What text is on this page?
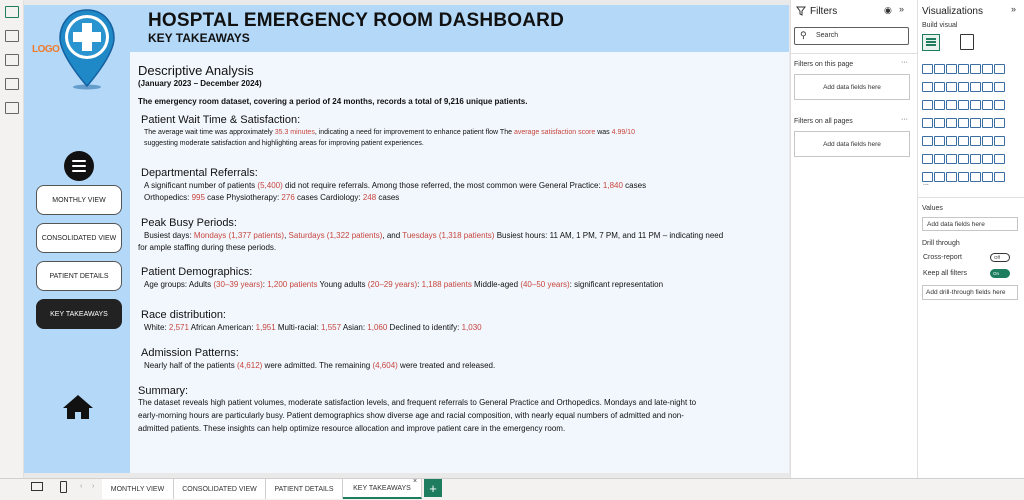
LOGO
HOSPTAL EMERGENCY ROOM DASHBOARD
KEY TAKEAWAYS
MONTHLY VIEW
CONSOLIDATED VIEW
PATIENT DETAILS
KEY TAKEAWAYS
Descriptive Analysis
(January 2023 – December 2024)
The emergency room dataset, covering a period of 24 months, records a total of 9,216 unique patients.
Patient Wait Time & Satisfaction:
The average wait time was approximately 35.3 minutes, indicating a need for improvement to enhance patient flow The average satisfaction score was 4.99/10
suggesting moderate satisfaction and highlighting areas for improving patient experiences.
Departmental Referrals:
A significant number of patients (5,400) did not require referrals. Among those referred, the most common were General Practice: 1,840 cases
Orthopedics: 995 case Physiotherapy: 276 cases Cardiology: 248 cases
Peak Busy Periods:
Busiest days: Mondays (1,377 patients), Saturdays (1,322 patients), and Tuesdays (1,318 patients) Busiest hours: 11 AM, 1 PM, 7 PM, and 11 PM – indicating need
for ample staffing during these periods.
Patient Demographics:
Age groups: Adults (30–39 years): 1,200 patients Young adults (20–29 years): 1,188 patients Middle-aged (40–50 years): significant representation
Race distribution:
White: 2,571 African American: 1,951 Multi-racial: 1,557 Asian: 1,060 Declined to identify: 1,030
Admission Patterns:
Nearly half of the patients (4,612) were admitted. The remaining (4,604) were treated and released.
Summary:
The dataset reveals high patient volumes, moderate satisfaction levels, and frequent referrals to General Practice and Orthopedics. Mondays and late-night to
early-morning hours are particularly busy. Patient demographics show diverse age and racial composition, with nearly equal numbers of admitted and non-
admitted patients. These insights can help optimize resource allocation and improve patient care in the emergency room.
Filters	◉ »
⚲ Search
Filters on this page	···
Add data fields here
Filters on all pages	···
Add data fields here
Visualizations	»
Build visual

...
Values
Add data fields here
Drill through
Cross-report	Off
Keep all filters	On
Add drill-through fields here
‹ ›	MONTHLY VIEW	CONSOLIDATED VIEW	PATIENT DETAILS	KEY TAKEAWAYS
× +
